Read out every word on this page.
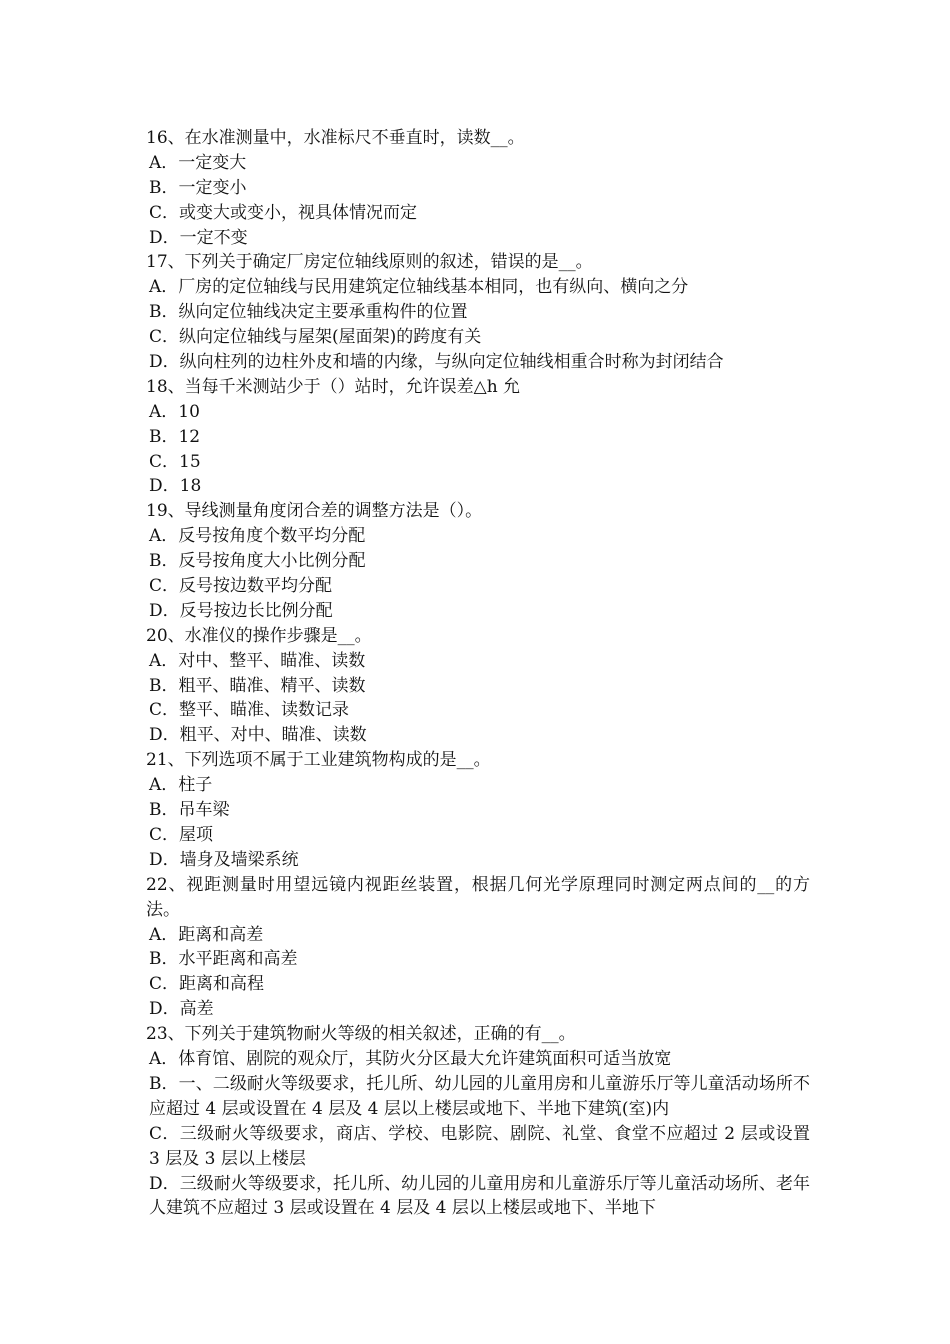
16、在水准测量中，水准标尺不垂直时，读数__。
A．一定变大
B．一定变小
C．或变大或变小，视具体情况而定
D．一定不变
17、下列关于确定厂房定位轴线原则的叙述，错误的是__。
A．厂房的定位轴线与民用建筑定位轴线基本相同，也有纵向、横向之分
B．纵向定位轴线决定主要承重构件的位置
C．纵向定位轴线与屋架(屋面架)的跨度有关
D．纵向柱列的边柱外皮和墙的内缘，与纵向定位轴线相重合时称为封闭结合
18、当每千米测站少于（）站时，允许误差△h 允
A．10
B．12
C．15
D．18
19、导线测量角度闭合差的调整方法是（）。
A．反号按角度个数平均分配
B．反号按角度大小比例分配
C．反号按边数平均分配
D．反号按边长比例分配
20、水准仪的操作步骤是__。
A．对中、整平、瞄准、读数
B．粗平、瞄准、精平、读数
C．整平、瞄准、读数记录
D．粗平、对中、瞄准、读数
21、下列选项不属于工业建筑物构成的是__。
A．柱子
B．吊车梁
C．屋项
D．墙身及墙梁系统
22、视距测量时用望远镜内视距丝装置，根据几何光学原理同时测定两点间的__的方法。
A．距离和高差
B．水平距离和高差
C．距离和高程
D．高差
23、下列关于建筑物耐火等级的相关叙述，正确的有__。
A．体育馆、剧院的观众厅，其防火分区最大允许建筑面积可适当放宽
B．一、二级耐火等级要求，托儿所、幼儿园的儿童用房和儿童游乐厅等儿童活动场所不应超过 4 层或设置在 4 层及 4 层以上楼层或地下、半地下建筑(室)内
C．三级耐火等级要求，商店、学校、电影院、剧院、礼堂、食堂不应超过 2 层或设置 3 层及 3 层以上楼层
D．三级耐火等级要求，托儿所、幼儿园的儿童用房和儿童游乐厅等儿童活动场所、老年人建筑不应超过 3 层或设置在 4 层及 4 层以上楼层或地下、半地下
